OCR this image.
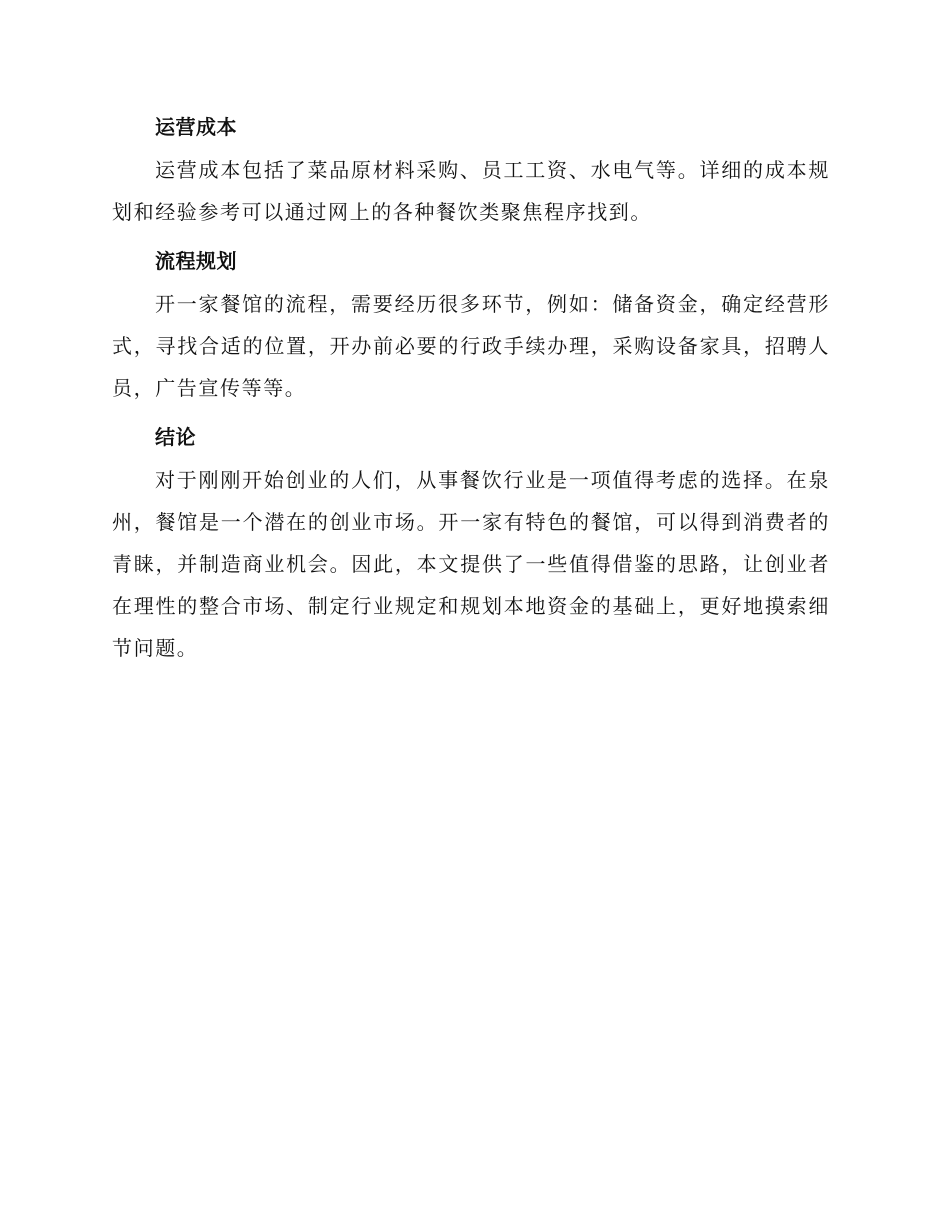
运营成本

运营成本包括了菜品原材料采购、员工工资、水电气等。详细的成本规划和经验参考可以通过网上的各种餐饮类聚焦程序找到。

流程规划

开一家餐馆的流程，需要经历很多环节，例如：储备资金，确定经营形式，寻找合适的位置，开办前必要的行政手续办理，采购设备家具，招聘人员，广告宣传等等。

结论

对于刚刚开始创业的人们，从事餐饮行业是一项值得考虑的选择。在泉州，餐馆是一个潜在的创业市场。开一家有特色的餐馆，可以得到消费者的青睐，并制造商业机会。因此，本文提供了一些值得借鉴的思路，让创业者在理性的整合市场、制定行业规定和规划本地资金的基础上，更好地摸索细节问题。
